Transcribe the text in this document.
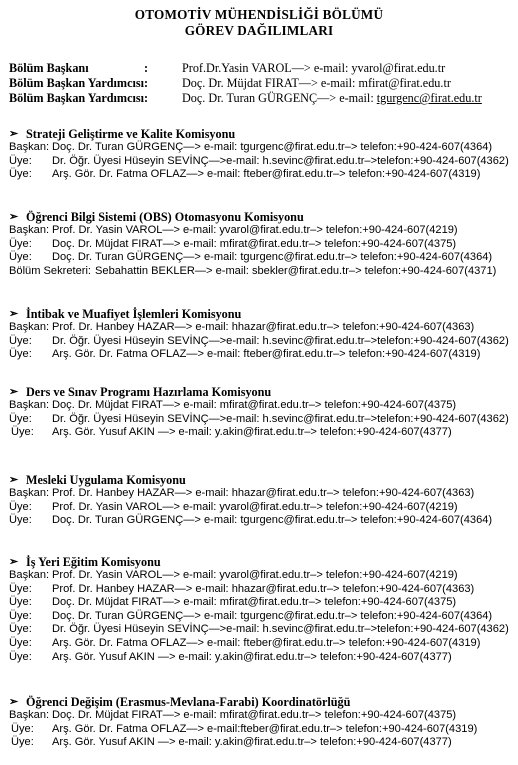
OTOMOTİV MÜHENDİSLİĞİ BÖLÜMÜ
GÖREV DAĞILIMLARI
Bölüm Başkanı	:	Prof.Dr.Yasin VAROL—> e-mail: yvarol@firat.edu.tr
Bölüm Başkan Yardımcısı:	Doç. Dr. Müjdat FIRAT—> e-mail: mfirat@firat.edu.tr
Bölüm Başkan Yardımcısı:	Doç. Dr. Turan GÜRGENÇ—> e-mail: tgurgenc@firat.edu.tr
➢ Strateji Geliştirme ve Kalite Komisyonu
Başkan: Doç. Dr. Turan GÜRGENÇ—> e-mail: tgurgenc@firat.edu.tr–> telefon:+90-424-607(4364)
Üye: Dr. Öğr. Üyesi Hüseyin SEVİNÇ—>e-mail: h.sevinc@firat.edu.tr–>telefon:+90-424-607(4362)
Üye: Arş. Gör. Dr. Fatma OFLAZ—> e-mail: fteber@firat.edu.tr–> telefon:+90-424-607(4319)
➢ Öğrenci Bilgi Sistemi (OBS) Otomasyonu Komisyonu
Başkan: Prof. Dr. Yasin VAROL—> e-mail: yvarol@firat.edu.tr–> telefon:+90-424-607(4219)
Üye: Doç. Dr. Müjdat FIRAT—> e-mail: mfirat@firat.edu.tr–> telefon:+90-424-607(4375)
Üye: Doç. Dr. Turan GÜRGENÇ—> e-mail: tgurgenc@firat.edu.tr–> telefon:+90-424-607(4364)
Bölüm Sekreteri: Sebahattin BEKLER—> e-mail: sbekler@firat.edu.tr–> telefon:+90-424-607(4371)
➢ İntibak ve Muafiyet İşlemleri Komisyonu
Başkan: Prof. Dr. Hanbey HAZAR—> e-mail: hhazar@firat.edu.tr–> telefon:+90-424-607(4363)
Üye: Dr. Öğr. Üyesi Hüseyin SEVİNÇ—>e-mail: h.sevinc@firat.edu.tr–>telefon:+90-424-607(4362)
Üye: Arş. Gör. Dr. Fatma OFLAZ—> e-mail: fteber@firat.edu.tr–> telefon:+90-424-607(4319)
➢ Ders ve Sınav Programı Hazırlama Komisyonu
Başkan: Doç. Dr. Müjdat FIRAT—> e-mail: mfirat@firat.edu.tr–> telefon:+90-424-607(4375)
Üye: Dr. Öğr. Üyesi Hüseyin SEVİNÇ—>e-mail: h.sevinc@firat.edu.tr–>telefon:+90-424-607(4362)
Üye: Arş. Gör. Yusuf AKIN —> e-mail: y.akin@firat.edu.tr–> telefon:+90-424-607(4377)
➢ Mesleki Uygulama Komisyonu
Başkan: Prof. Dr. Hanbey HAZAR—> e-mail: hhazar@firat.edu.tr–> telefon:+90-424-607(4363)
Üye: Prof. Dr. Yasin VAROL—> e-mail: yvarol@firat.edu.tr–> telefon:+90-424-607(4219)
Üye: Doç. Dr. Turan GÜRGENÇ—> e-mail: tgurgenc@firat.edu.tr–> telefon:+90-424-607(4364)
➢ İş Yeri Eğitim Komisyonu
Başkan: Prof. Dr. Yasin VAROL—> e-mail: yvarol@firat.edu.tr–> telefon:+90-424-607(4219)
Üye: Prof. Dr. Hanbey HAZAR—> e-mail: hhazar@firat.edu.tr–> telefon:+90-424-607(4363)
Üye: Doç. Dr. Müjdat FIRAT—> e-mail: mfirat@firat.edu.tr–> telefon:+90-424-607(4375)
Üye: Doç. Dr. Turan GÜRGENÇ—> e-mail: tgurgenc@firat.edu.tr–> telefon:+90-424-607(4364)
Üye: Dr. Öğr. Üyesi Hüseyin SEVİNÇ—>e-mail: h.sevinc@firat.edu.tr–>telefon:+90-424-607(4362)
Üye: Arş. Gör. Dr. Fatma OFLAZ—> e-mail: fteber@firat.edu.tr–> telefon:+90-424-607(4319)
Üye: Arş. Gör. Yusuf AKIN —> e-mail: y.akin@firat.edu.tr–> telefon:+90-424-607(4377)
➢ Öğrenci Değişim (Erasmus-Mevlana-Farabi) Koordinatörlüğü
Başkan: Doç. Dr. Müjdat FIRAT—> e-mail: mfirat@firat.edu.tr–> telefon:+90-424-607(4375)
Üye: Arş. Gör. Dr. Fatma OFLAZ—> e-mail:fteber@firat.edu.tr–> telefon:+90-424-607(4319)
Üye: Arş. Gör. Yusuf AKIN —> e-mail: y.akin@firat.edu.tr–> telefon:+90-424-607(4377)
